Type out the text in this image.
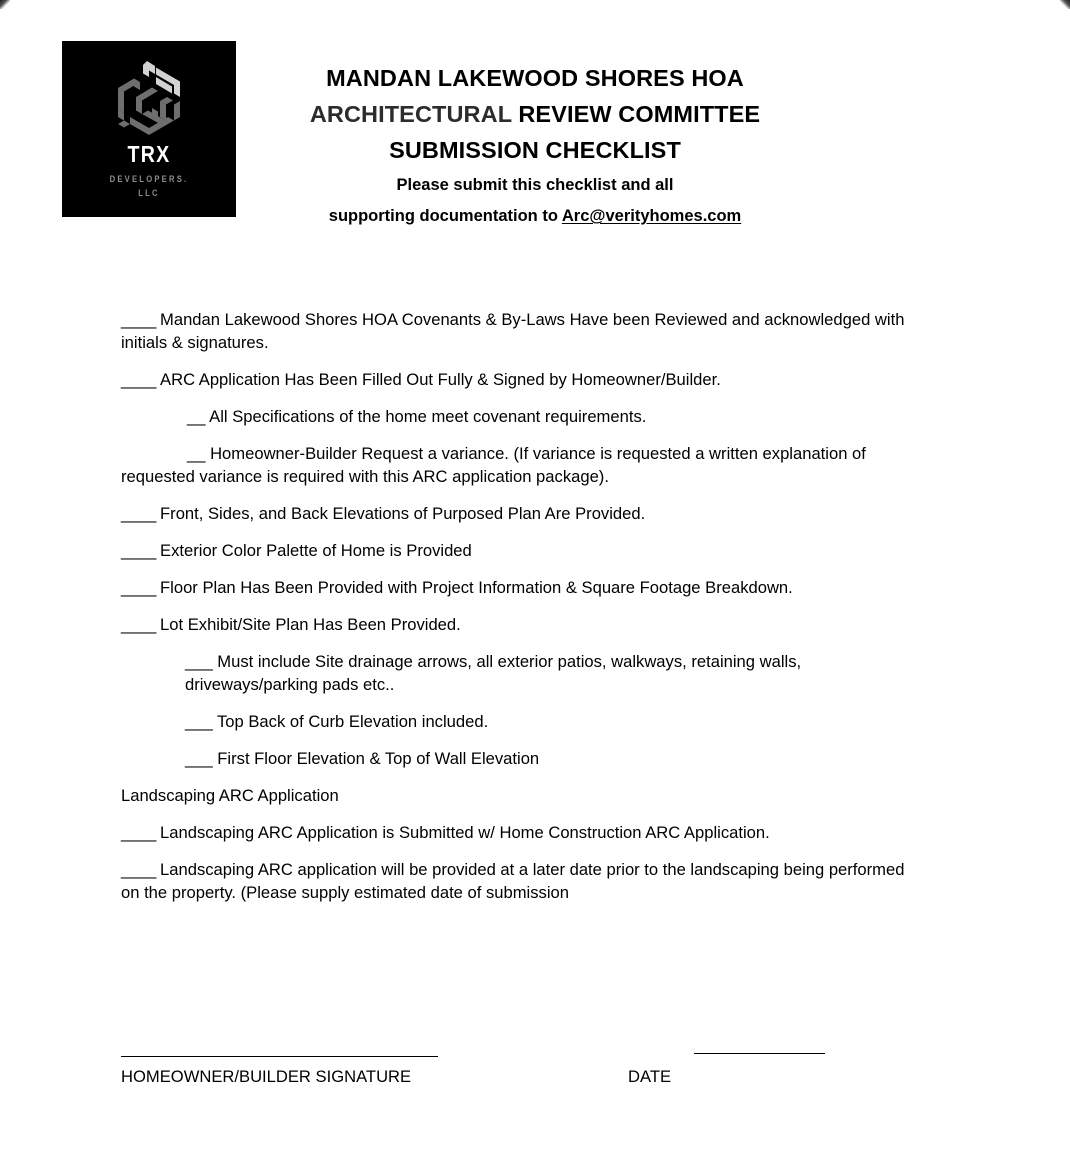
TRX
DEVELOPERS.
LLC
MANDAN LAKEWOOD SHORES HOA
ARCHITECTURAL REVIEW COMMITTEE
SUBMISSION CHECKLIST
Please submit this checklist and all
supporting documentation to Arc@verityhomes.com
____ Mandan Lakewood Shores HOA Covenants & By-Laws Have been Reviewed and acknowledged with initials & signatures.
____ ARC Application Has Been Filled Out Fully & Signed by Homeowner/Builder.
__ All Specifications of the home meet covenant requirements.
__ Homeowner-Builder Request a variance. (If variance is requested a written explanation of requested variance is required with this ARC application package).
____ Front, Sides, and Back Elevations of Purposed Plan Are Provided.
____ Exterior Color Palette of Home is Provided
____ Floor Plan Has Been Provided with Project Information & Square Footage Breakdown.
____ Lot Exhibit/Site Plan Has Been Provided.
___ Must include Site drainage arrows, all exterior patios, walkways, retaining walls, driveways/parking pads etc..
___ Top Back of Curb Elevation included.
___ First Floor Elevation & Top of Wall Elevation
Landscaping ARC Application
____ Landscaping ARC Application is Submitted w/ Home Construction ARC Application.
____ Landscaping ARC application will be provided at a later date prior to the landscaping being performed on the property. (Please supply estimated date of submission
HOMEOWNER/BUILDER SIGNATURE	DATE
